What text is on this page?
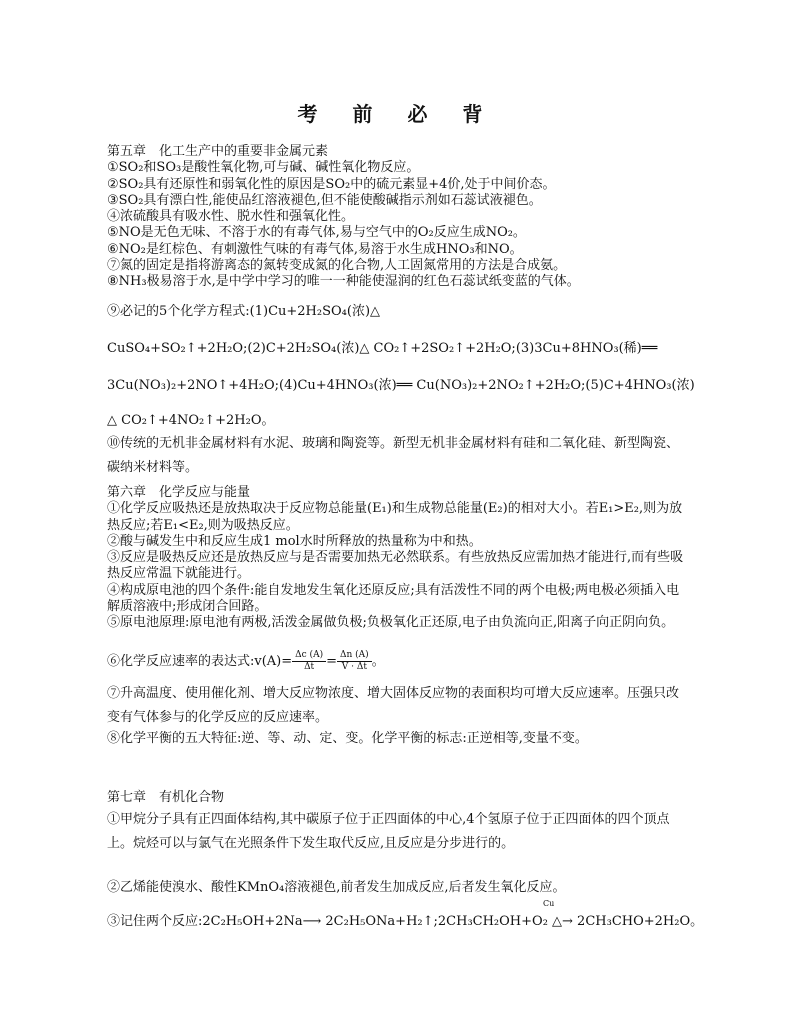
考 前 必 背

第五章　化工生产中的重要非金属元素

①SO₂和SO₃是酸性氧化物,可与碱、碱性氧化物反应。

②SO₂具有还原性和弱氧化性的原因是SO₂中的硫元素显+4价,处于中间价态。

③SO₂具有漂白性,能使品红溶液褪色,但不能使酸碱指示剂如石蕊试液褪色。

④浓硫酸具有吸水性、脱水性和强氧化性。

⑤NO是无色无味、不溶于水的有毒气体,易与空气中的O₂反应生成NO₂。

⑥NO₂是红棕色、有刺激性气味的有毒气体,易溶于水生成HNO₃和NO。

⑦氮的固定是指将游离态的氮转变成氮的化合物,人工固氮常用的方法是合成氨。

⑧NH₃极易溶于水,是中学中学习的唯一一种能使湿润的红色石蕊试纸变蓝的气体。

⑨必记的5个化学方程式:(1)Cu+2H₂SO₄(浓)△
CuSO₄+SO₂↑+2H₂O;(2)C+2H₂SO₄(浓)△ CO₂↑+2SO₂↑+2H₂O;(3)3Cu+8HNO₃(稀)══
3Cu(NO₃)₂+2NO↑+4H₂O;(4)Cu+4HNO₃(浓)══ Cu(NO₃)₂+2NO₂↑+2H₂O;(5)C+4HNO₃(浓)
△ CO₂↑+4NO₂↑+2H₂O。
⑩传统的无机非金属材料有水泥、玻璃和陶瓷等。新型无机非金属材料有硅和二氧化硅、新型陶瓷、碳纳米材料等。

第六章　化学反应与能量

①化学反应吸热还是放热取决于反应物总能量(E₁)和生成物总能量(E₂)的相对大小。若E₁>E₂,则为放热反应;若E₁<E₂,则为吸热反应。

②酸与碱发生中和反应生成1 mol水时所释放的热量称为中和热。

③反应是吸热反应还是放热反应与是否需要加热无必然联系。有些放热反应需加热才能进行,而有些吸热反应常温下就能进行。

④构成原电池的四个条件:能自发地发生氧化还原反应;具有活泼性不同的两个电极;两电极必须插入电解质溶液中;形成闭合回路。

⑤原电池原理:原电池有两极,活泼金属做负极;负极氧化正还原,电子由负流向正,阳离子向正阴向负。

⑥化学反应速率的表达式:v(A)= $\frac{\Delta c (A)}{\Delta t} = \frac{\Delta n (A)}{V \cdot \Delta t}$ 。
⑦升高温度、使用催化剂、增大反应物浓度、增大固体反应物的表面积均可增大反应速率。压强只改变有气体参与的化学反应的反应速率。
⑧化学平衡的五大特征:逆、等、动、定、变。化学平衡的标志:正逆相等,变量不变。
第七章　有机化合物
①甲烷分子具有正四面体结构,其中碳原子位于正四面体的中心,4个氢原子位于正四面体的四个顶点上。烷烃可以与氯气在光照条件下发生取代反应,且反应是分步进行的。
②乙烯能使溴水、酸性KMnO₄溶液褪色,前者发生加成反应,后者发生氧化反应。
Cu
③记住两个反应:2C₂H₅OH+2Na⟶ 2C₂H₅ONa+H₂↑;2CH₃CH₂OH+O₂ △→ 2CH₃CHO+2H₂O。
